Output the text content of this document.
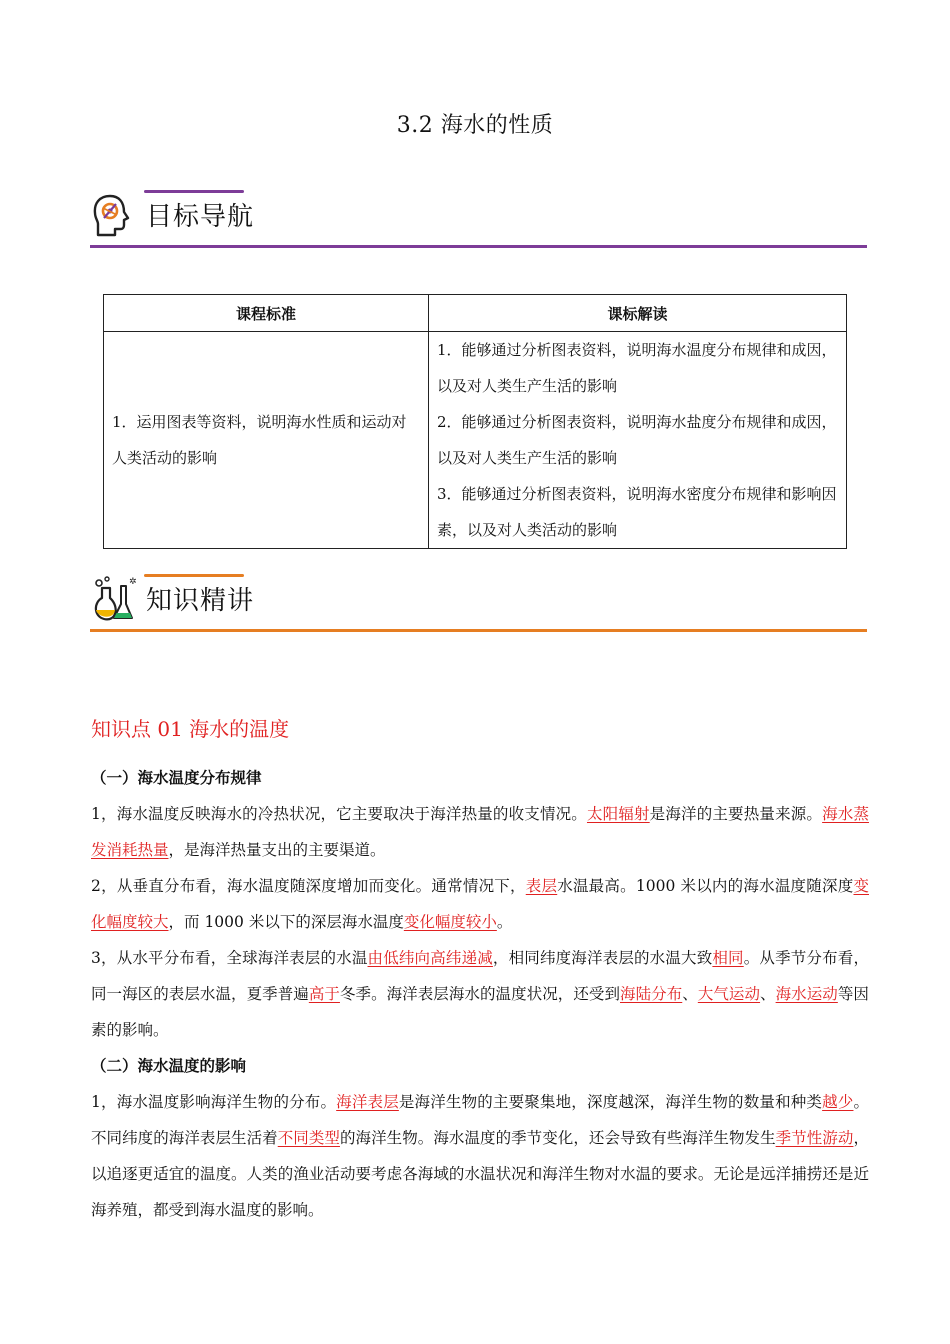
3.2 海水的性质
目标导航
课程标准	课标解读
1．运用图表等资料，说明海水性质和运动对人类活动的影响	1．能够通过分析图表资料，说明海水温度分布规律和成因，以及对人类生产生活的影响
2．能够通过分析图表资料，说明海水盐度分布规律和成因，以及对人类生产生活的影响
3．能够通过分析图表资料，说明海水密度分布规律和影响因素，以及对人类活动的影响
✲
知识精讲
知识点 01 海水的温度
（一）海水温度分布规律
1，海水温度反映海水的冷热状况，它主要取决于海洋热量的收支情况。太阳辐射是海洋的主要热量来源。海水蒸发消耗热量，是海洋热量支出的主要渠道。
2，从垂直分布看，海水温度随深度增加而变化。通常情况下，表层水温最高。1000 米以内的海水温度随深度变化幅度较大，而 1000 米以下的深层海水温度变化幅度较小。
3，从水平分布看，全球海洋表层的水温由低纬向高纬递减，相同纬度海洋表层的水温大致相同。从季节分布看，同一海区的表层水温，夏季普遍高于冬季。海洋表层海水的温度状况，还受到海陆分布、大气运动、海水运动等因素的影响。
（二）海水温度的影响
1，海水温度影响海洋生物的分布。海洋表层是海洋生物的主要聚集地，深度越深，海洋生物的数量和种类越少。不同纬度的海洋表层生活着不同类型的海洋生物。海水温度的季节变化，还会导致有些海洋生物发生季节性游动，以追逐更适宜的温度。人类的渔业活动要考虑各海域的水温状况和海洋生物对水温的要求。无论是远洋捕捞还是近海养殖，都受到海水温度的影响。
